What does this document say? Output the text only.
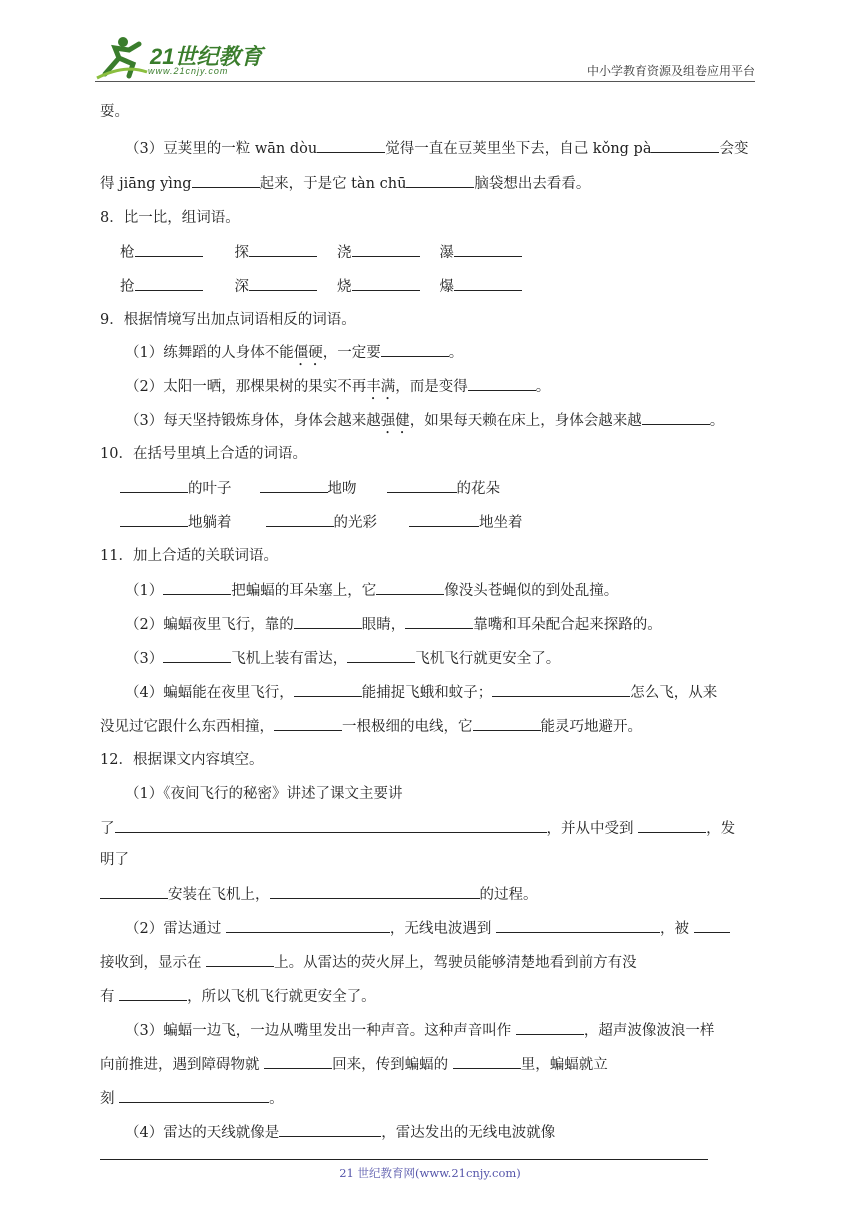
21世纪教育
www.21cnjy.com	中小学教育资源及组卷应用平台
耍。
（3）豆荚里的一粒 wān dòu	觉得一直在豆荚里坐下去，自己 kǒng pà	会变
得 jiāng yìng	起来，于是它 tàn chū	脑袋想出去看看。
8．比一比，组词语。
枪	探	浇	瀑
抢	深	烧	爆
9．根据情境写出加点词语相反的词语。
（1）练舞蹈的人身体不能僵硬，一定要	。
（2）太阳一晒，那棵果树的果实不再丰满，而是变得	。
（3）每天坚持锻炼身体，身体会越来越强健，如果每天赖在床上，身体会越来越	。
10．在括号里填上合适的词语。
的叶子	地吻	的花朵
地躺着	的光彩	地坐着
11．加上合适的关联词语。
（1）	把蝙蝠的耳朵塞上，它	像没头苍蝇似的到处乱撞。
（2）蝙蝠夜里飞行，靠的	眼睛，	靠嘴和耳朵配合起来探路的。
（3）	飞机上装有雷达，	飞机飞行就更安全了。
（4）蝙蝠能在夜里飞行，	能捕捉飞蛾和蚊子；	怎么飞，从来
没见过它跟什么东西相撞，	一根极细的电线，它	能灵巧地避开。
12．根据课文内容填空。
（1）《夜间飞行的秘密》讲述了课文主要讲
了	，并从中受到	，发
明了
安装在飞机上，	的过程。
（2）雷达通过	，无线电波遇到	，被
接收到，显示在	上。从雷达的荧火屏上，驾驶员能够清楚地看到前方有没
有	，所以飞机飞行就更安全了。
（3）蝙蝠一边飞，一边从嘴里发出一种声音。这种声音叫作	，超声波像波浪一样
向前推进，遇到障碍物就	回来，传到蝙蝠的	里，蝙蝠就立
刻	。
（4）雷达的天线就像是	，雷达发出的无线电波就像
21 世纪教育网(www.21cnjy.com)
